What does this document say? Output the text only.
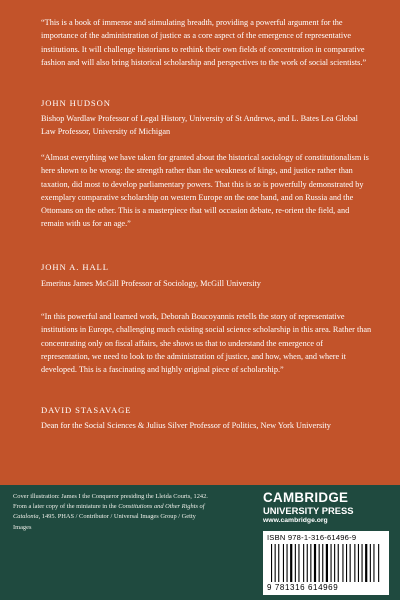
“This is a book of immense and stimulating breadth, providing a powerful argument for the importance of the administration of justice as a core aspect of the emergence of representative institutions. It will challenge historians to rethink their own fields of concentration in comparative fashion and will also bring historical scholarship and perspectives to the work of social scientists.”

JOHN HUDSON

Bishop Wardlaw Professor of Legal History, University of St Andrews, and L. Bates Lea Global Law Professor, University of Michigan

“Almost everything we have taken for granted about the historical sociology of constitutionalism is here shown to be wrong: the strength rather than the weakness of kings, and justice rather than taxation, did most to develop parliamentary powers. That this is so is powerfully demonstrated by exemplary comparative scholarship on western Europe on the one hand, and on Russia and the Ottomans on the other. This is a masterpiece that will occasion debate, re-orient the field, and remain with us for an age.”

JOHN A. HALL

Emeritus James McGill Professor of Sociology, McGill University

“In this powerful and learned work, Deborah Boucoyannis retells the story of representative institutions in Europe, challenging much existing social science scholarship in this area. Rather than concentrating only on fiscal affairs, she shows us that to understand the emergence of representation, we need to look to the administration of justice, and how, when, and where it developed. This is a fascinating and highly original piece of scholarship.”

DAVID STASAVAGE

Dean for the Social Sciences & Julius Silver Professor of Politics, New York University

Cover illustration: James I the Conqueror presiding the Lleida Courts, 1242. From a later copy of the miniature in the Constitutions and Other Rights of Catalonia, 1495. PHAS / Contributor / Universal Images Group / Getty Images
CAMBRIDGE
UNIVERSITY PRESS
www.cambridge.org
ISBN 978-1-316-61496-9
9 781316 614969
